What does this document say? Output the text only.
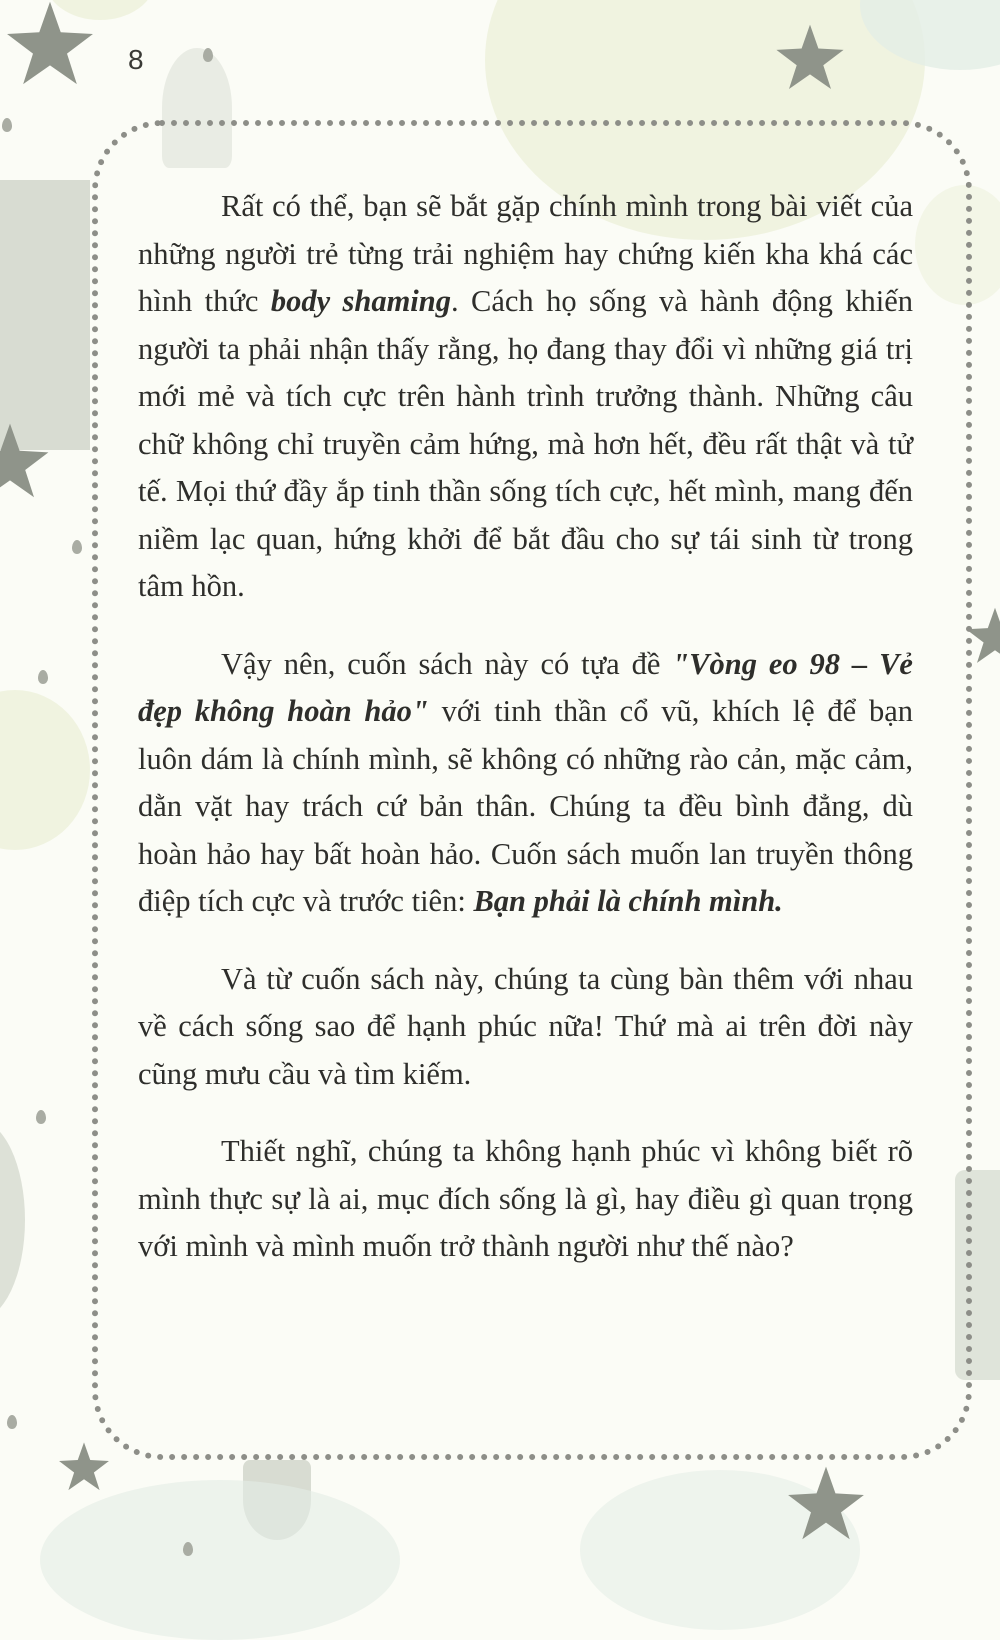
8

Rất có thể, bạn sẽ bắt gặp chính mình trong bài viết của những người trẻ từng trải nghiệm hay chứng kiến kha khá các hình thức body shaming. Cách họ sống và hành động khiến người ta phải nhận thấy rằng, họ đang thay đổi vì những giá trị mới mẻ và tích cực trên hành trình trưởng thành. Những câu chữ không chỉ truyền cảm hứng, mà hơn hết, đều rất thật và tử tế. Mọi thứ đầy ắp tinh thần sống tích cực, hết mình, mang đến niềm lạc quan, hứng khởi để bắt đầu cho sự tái sinh từ trong tâm hồn.

Vậy nên, cuốn sách này có tựa đề "Vòng eo 98 – Vẻ đẹp không hoàn hảo" với tinh thần cổ vũ, khích lệ để bạn luôn dám là chính mình, sẽ không có những rào cản, mặc cảm, dằn vặt hay trách cứ bản thân. Chúng ta đều bình đẳng, dù hoàn hảo hay bất hoàn hảo. Cuốn sách muốn lan truyền thông điệp tích cực và trước tiên: Bạn phải là chính mình.

Và từ cuốn sách này, chúng ta cùng bàn thêm với nhau về cách sống sao để hạnh phúc nữa! Thứ mà ai trên đời này cũng mưu cầu và tìm kiếm.

Thiết nghĩ, chúng ta không hạnh phúc vì không biết rõ mình thực sự là ai, mục đích sống là gì, hay điều gì quan trọng với mình và mình muốn trở thành người như thế nào?
